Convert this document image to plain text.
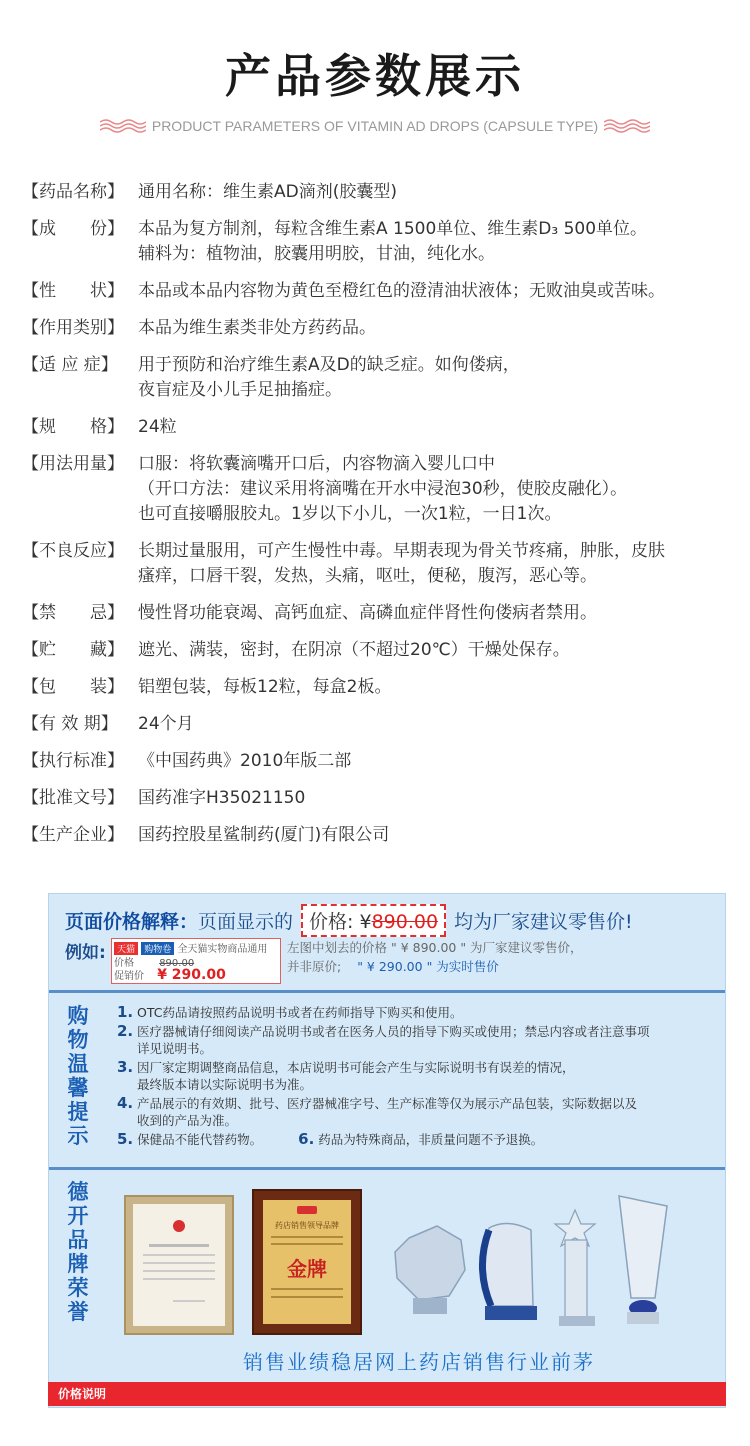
产品参数展示
PRODUCT PARAMETERS OF VITAMIN AD DROPS (CAPSULE TYPE)
【药品名称】 通用名称：维生素AD滴剂(胶囊型)
【成　　份】 本品为复方制剂，每粒含维生素A 1500单位、维生素D₃ 500单位。
辅料为：植物油，胶囊用明胶，甘油，纯化水。
【性　　状】 本品或本品内容物为黄色至橙红色的澄清油状液体；无败油臭或苦味。
【作用类别】 本品为维生素类非处方药药品。
【适 应 症】	用于预防和治疗维生素A及D的缺乏症。如佝偻病，
夜盲症及小儿手足抽搐症。
【规　　格】 24粒
【用法用量】 口服：将软囊滴嘴开口后，内容物滴入婴儿口中
（开口方法：建议采用将滴嘴在开水中浸泡30秒，使胶皮融化）。
也可直接嚼服胶丸。1岁以下小儿，一次1粒，一日1次。
【不良反应】 长期过量服用，可产生慢性中毒。早期表现为骨关节疼痛，肿胀，皮肤
瘙痒，口唇干裂，发热，头痛，呕吐，便秘，腹泻，恶心等。
【禁　　忌】 慢性肾功能衰竭、高钙血症、高磷血症伴肾性佝偻病者禁用。
【贮　　藏】 遮光、满装，密封，在阴凉（不超过20℃）干燥处保存。
【包　　装】 铝塑包装，每板12粒，每盒2板。
【有 效 期】	24个月
【执行标准】 《中国药典》2010年版二部
【批准文号】 国药准字H35021150
【生产企业】 国药控股星鲨制药(厦门)有限公司
页面价格解释： 页面显示的 价格: ¥890.00 均为厂家建议零售价!
例如:	天猫 购物卷 全天猫实物商品通用
价格	890.00
促销价 ¥ 290.00
左图中划去的价格 " ¥ 890.00 " 为厂家建议零售价，
并非原价; " ¥ 290.00 " 为实时售价
购
物
温
馨
提
示
1. OTC药品请按照药品说明书或者在药师指导下购买和使用。
2. 医疗器械请仔细阅读产品说明书或者在医务人员的指导下购买或使用；禁忌内容或者注意事项
详见说明书。
3. 因厂家定期调整商品信息，本店说明书可能会产生与实际说明书有误差的情况，
最终版本请以实际说明书为准。
4. 产品展示的有效期、批号、医疗器械准字号、生产标准等仅为展示产品包装，实际数据以及
收到的产品为准。
5. 保健品不能代替药物。 6. 药品为特殊商品，非质量问题不予退换。
德
开
品
牌
荣
誉
药店销售领导品牌
金牌
销售业绩稳居网上药店销售行业前茅
价格说明
